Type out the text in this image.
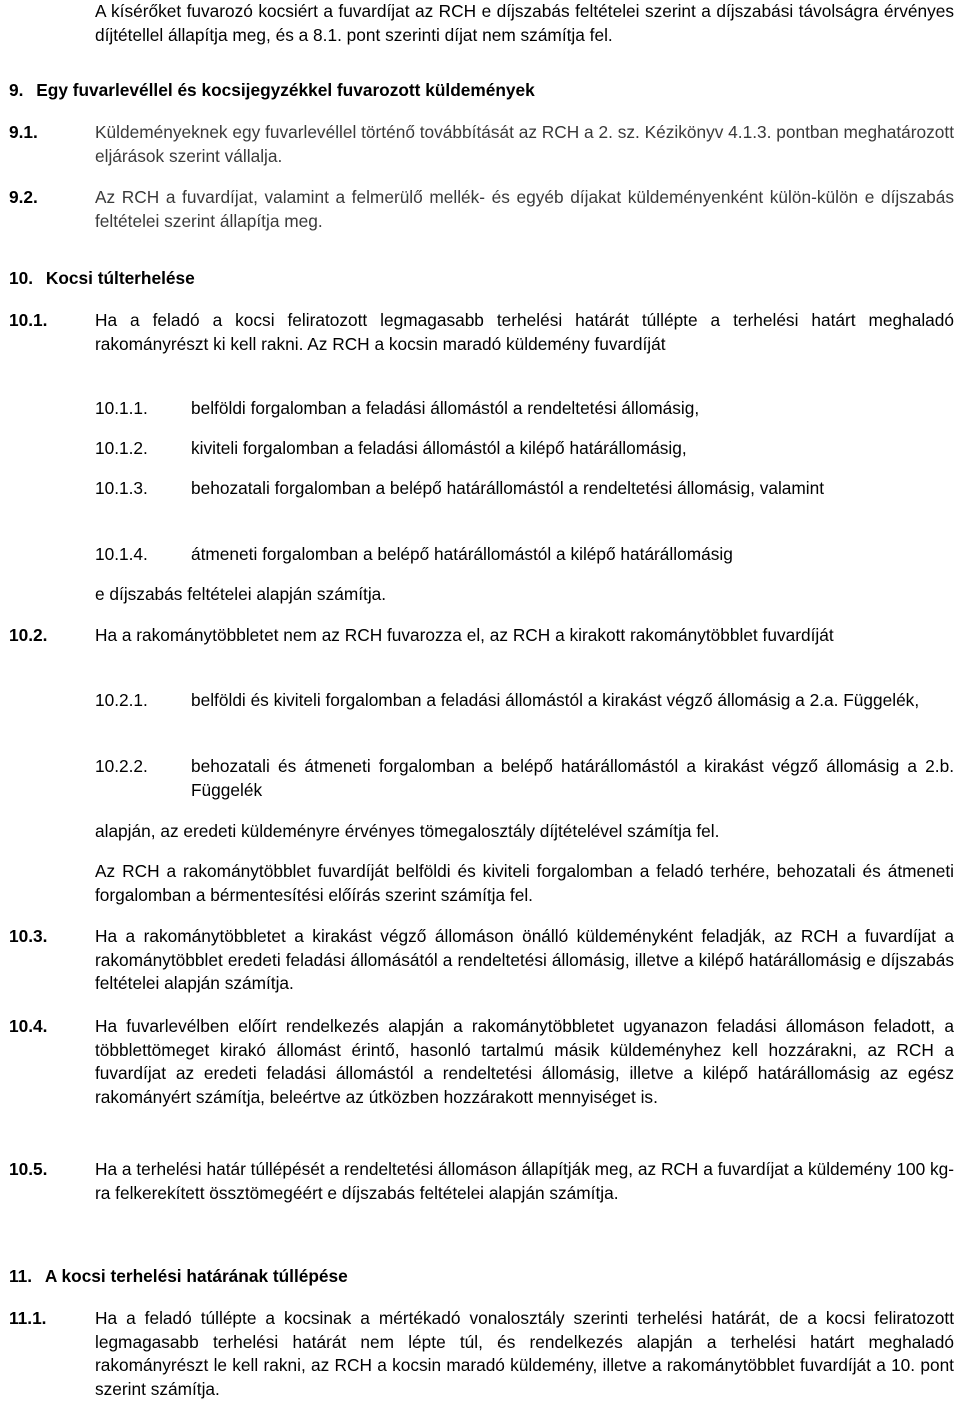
A kísérőket fuvarozó kocsiért a fuvardíjat az RCH e díjszabás feltételei szerint a díjszabási távolságra érvényes díjtétellel állapítja meg, és a 8.1. pont szerinti díjat nem számítja fel.
9. Egy fuvarlevéllel és kocsijegyzékkel fuvarozott küldemények
9.1.	Küldeményeknek egy fuvarlevéllel történő továbbítását az RCH a 2. sz. Kézikönyv 4.1.3. pontban meghatározott eljárások szerint vállalja.
9.2.	Az RCH a fuvardíjat, valamint a felmerülő mellék- és egyéb díjakat küldeményenként külön-külön e díjszabás feltételei szerint állapítja meg.
10. Kocsi túlterhelése
10.1.	Ha a feladó a kocsi feliratozott legmagasabb terhelési határát túllépte a terhelési határt meghaladó rakományrészt ki kell rakni. Az RCH a kocsin maradó küldemény fuvardíját
10.1.1. belföldi forgalomban a feladási állomástól a rendeltetési állomásig,
10.1.2. kiviteli forgalomban a feladási állomástól a kilépő határállomásig,
10.1.3. behozatali forgalomban a belépő határállomástól a rendeltetési állomásig, valamint
10.1.4. átmeneti forgalomban a belépő határállomástól a kilépő határállomásig
e díjszabás feltételei alapján számítja.
10.2.	Ha a rakománytöbbletet nem az RCH fuvarozza el, az RCH a kirakott rakománytöbblet fuvardíját
10.2.1. belföldi és kiviteli forgalomban a feladási állomástól a kirakást végző állomásig a 2.a. Függelék,
10.2.2. behozatali és átmeneti forgalomban a belépő határállomástól a kirakást végző állomásig a 2.b. Függelék
alapján, az eredeti küldeményre érvényes tömegalosztály díjtételével számítja fel.
Az RCH a rakománytöbblet fuvardíját belföldi és kiviteli forgalomban a feladó terhére, behozatali és átmeneti forgalomban a bérmentesítési előírás szerint számítja fel.
10.3.	Ha a rakománytöbbletet a kirakást végző állomáson önálló küldeményként feladják, az RCH a fuvardíjat a rakománytöbblet eredeti feladási állomásától a rendeltetési állomásig, illetve a kilépő határállomásig e díjszabás feltételei alapján számítja.
10.4.	Ha fuvarlevélben előírt rendelkezés alapján a rakománytöbbletet ugyanazon feladási állomáson feladott, a többlettömeget kirakó állomást érintő, hasonló tartalmú másik küldeményhez kell hozzárakni, az RCH a fuvardíjat az eredeti feladási állomástól a rendeltetési állomásig, illetve a kilépő határállomásig az egész rakományért számítja, beleértve az útközben hozzárakott mennyiséget is.
10.5.	Ha a terhelési határ túllépését a rendeltetési állomáson állapítják meg, az RCH a fuvardíjat a küldemény 100 kg-ra felkerekített össztömegéért e díjszabás feltételei alapján számítja.
11. A kocsi terhelési határának túllépése
11.1.	Ha a feladó túllépte a kocsinak a mértékadó vonalosztály szerinti terhelési határát, de a kocsi feliratozott legmagasabb terhelési határát nem lépte túl, és rendelkezés alapján a terhelési határt meghaladó rakományrészt le kell rakni, az RCH a kocsin maradó küldemény, illetve a rakománytöbblet fuvardíját a 10. pont szerint számítja.
